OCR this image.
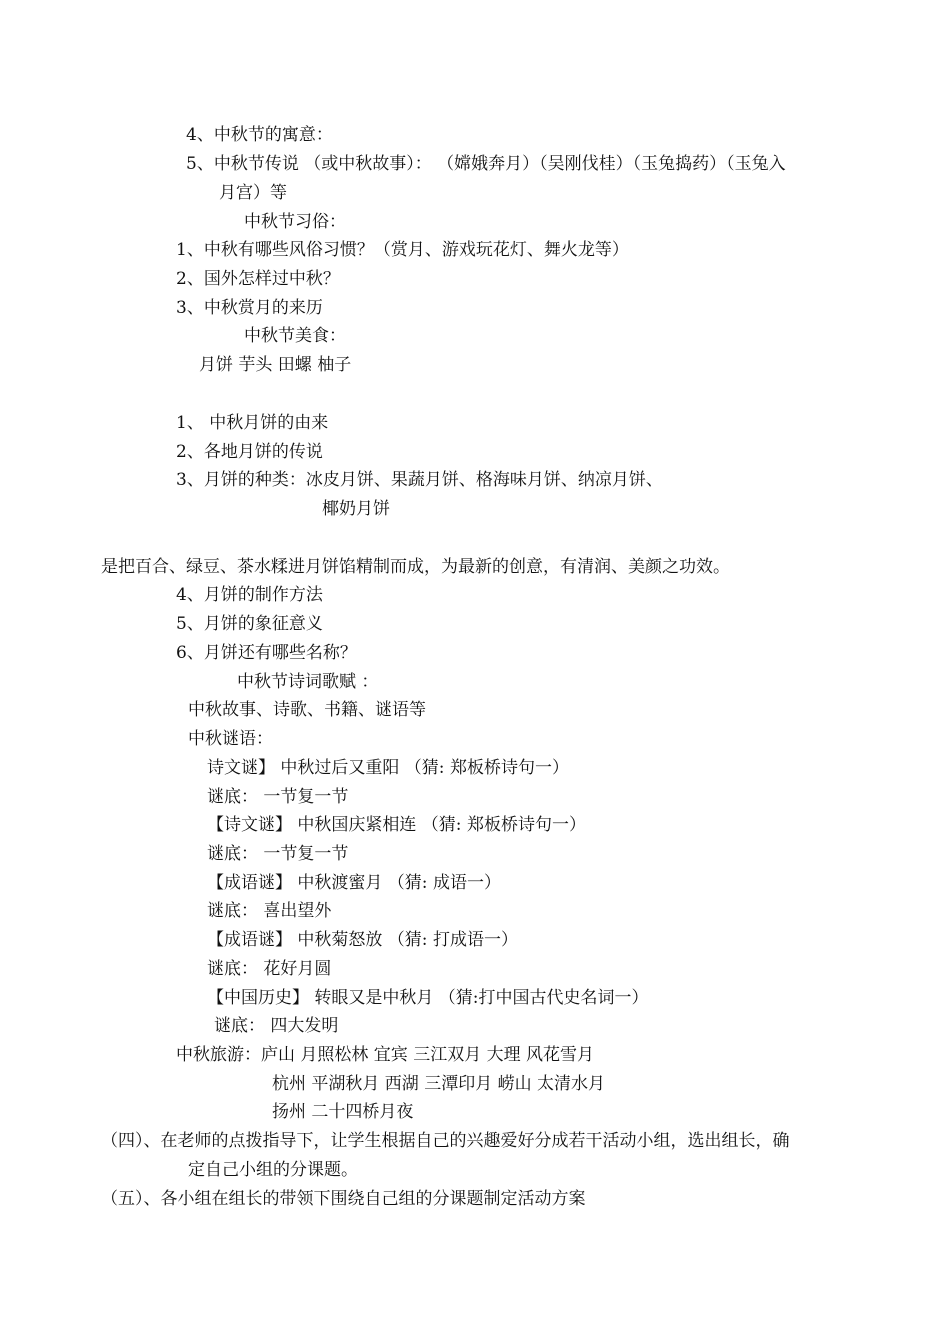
4、中秋节的寓意：
5、中秋节传说 （或中秋故事）： （嫦娥奔月）（吴刚伐桂）（玉兔捣药）（玉兔入
月宫）等
中秋节习俗：
1、中秋有哪些风俗习惯？（赏月、游戏玩花灯、舞火龙等）
2、国外怎样过中秋？
3、中秋赏月的来历
中秋节美食：
月饼 芋头 田螺 柚子
1、 中秋月饼的由来
2、各地月饼的传说
3、月饼的种类：冰皮月饼、果蔬月饼、格海味月饼、纳凉月饼、
椰奶月饼
是把百合、绿豆、茶水糅进月饼馅精制而成，为最新的创意，有清润、美颜之功效。
4、月饼的制作方法
5、月饼的象征意义
6、月饼还有哪些名称？
中秋节诗词歌赋 ：
中秋故事、诗歌、书籍、谜语等
中秋谜语：
诗文谜】 中秋过后又重阳 （猜: 郑板桥诗句一）
谜底： 一节复一节
【诗文谜】 中秋国庆紧相连 （猜: 郑板桥诗句一）
谜底： 一节复一节
【成语谜】 中秋渡蜜月 （猜: 成语一）
谜底： 喜出望外
【成语谜】 中秋菊怒放 （猜: 打成语一）
谜底： 花好月圆
【中国历史】 转眼又是中秋月 （猜:打中国古代史名词一）
谜底： 四大发明
中秋旅游：庐山 月照松林 宜宾 三江双月 大理 风花雪月
杭州 平湖秋月 西湖 三潭印月 崂山 太清水月
扬州 二十四桥月夜
（四）、在老师的点拨指导下，让学生根据自己的兴趣爱好分成若干活动小组，选出组长，确
定自己小组的分课题。
（五）、各小组在组长的带领下围绕自己组的分课题制定活动方案
